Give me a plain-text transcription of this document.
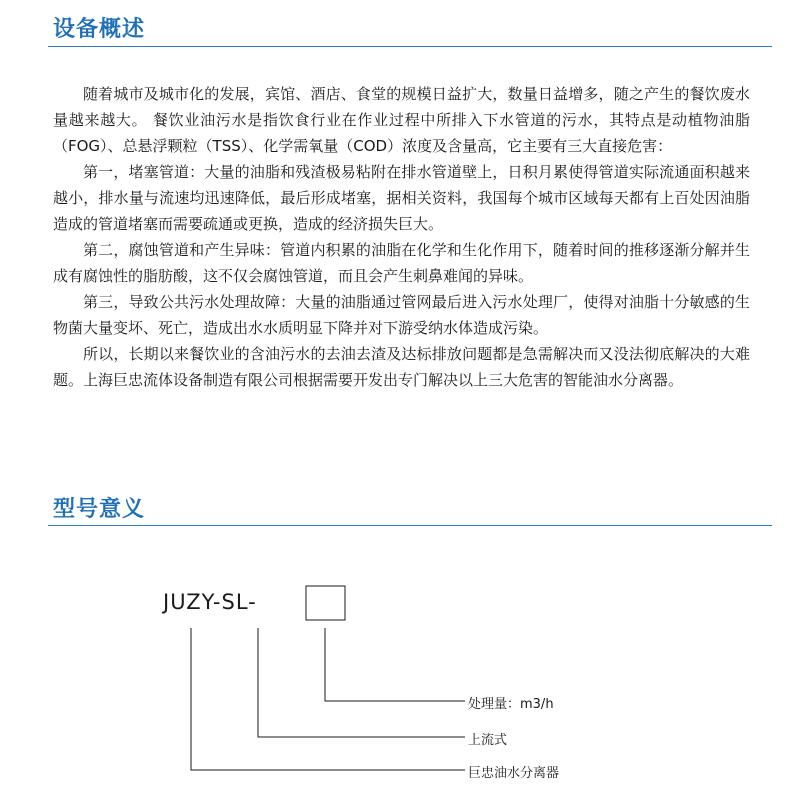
设备概述

随着城市及城市化的发展，宾馆、酒店、食堂的规模日益扩大，数量日益增多，随之产生的餐饮废水量越来越大。 餐饮业油污水是指饮食行业在作业过程中所排入下水管道的污水，其特点是动植物油脂（FOG）、总悬浮颗粒（TSS）、化学需氧量（COD）浓度及含量高，它主要有三大直接危害：

第一，堵塞管道：大量的油脂和残渣极易粘附在排水管道壁上，日积月累使得管道实际流通面积越来越小，排水量与流速均迅速降低，最后形成堵塞，据相关资料，我国每个城市区域每天都有上百处因油脂造成的管道堵塞而需要疏通或更换，造成的经济损失巨大。

第二，腐蚀管道和产生异味：管道内积累的油脂在化学和生化作用下，随着时间的推移逐渐分解并生成有腐蚀性的脂肪酸，这不仅会腐蚀管道，而且会产生刺鼻难闻的异味。

第三，导致公共污水处理故障：大量的油脂通过管网最后进入污水处理厂，使得对油脂十分敏感的生物菌大量变坏、死亡，造成出水水质明显下降并对下游受纳水体造成污染。

所以，长期以来餐饮业的含油污水的去油去渣及达标排放问题都是急需解决而又没法彻底解决的大难题。上海巨忠流体设备制造有限公司根据需要开发出专门解决以上三大危害的智能油水分离器。

型号意义
JUZY-SL-
处理量：m3/h
上流式
巨忠油水分离器
